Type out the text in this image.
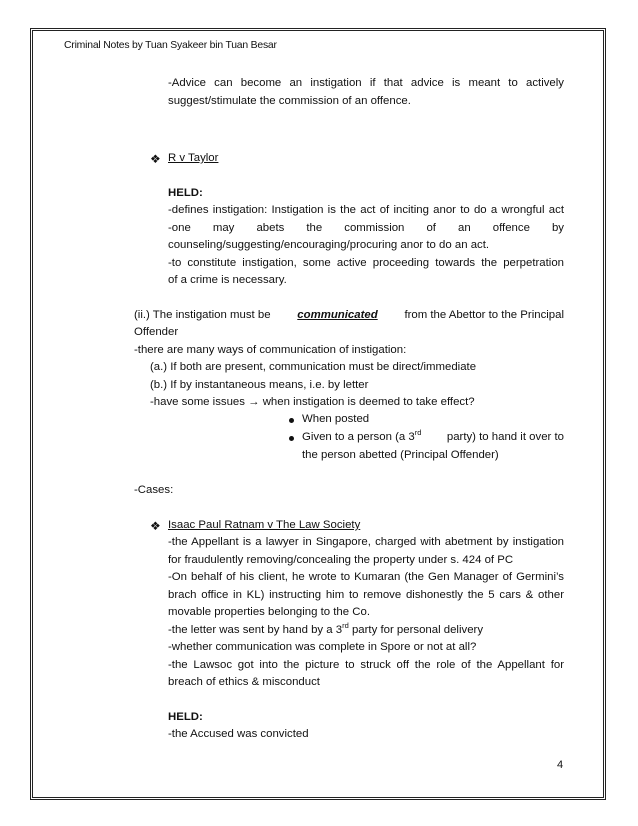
Criminal Notes by Tuan Syakeer bin Tuan Besar
-Advice can become an instigation if that advice is meant to actively
suggest/stimulate the commission of an offence.
❖ R v Taylor
HELD:
-defines instigation: Instigation is the act of inciting anor to do a wrongful act
-one may abets the commission of an offence by
counseling/suggesting/encouraging/procuring anor to do an act.
-to constitute instigation, some active proceeding towards the perpetration
of a crime is necessary.
(ii.) The instigation must be communicated from the Abettor to the Principal
Offender
-there are many ways of communication of instigation:
(a.) If both are present, communication must be direct/immediate
(b.) If by instantaneous means, i.e. by letter
-have some issues → when instigation is deemed to take effect?
When posted
Given to a person (a 3rd party) to hand it over to
the person abetted (Principal Offender)
-Cases:
❖ Isaac Paul Ratnam v The Law Society
-the Appellant is a lawyer in Singapore, charged with abetment by instigation
for fraudulently removing/concealing the property under s. 424 of PC
-On behalf of his client, he wrote to Kumaran (the Gen Manager of Germini’s
brach office in KL) instructing him to remove dishonestly the 5 cars & other
movable properties belonging to the Co.
-the letter was sent by hand by a 3rd party for personal delivery
-whether communication was complete in Spore or not at all?
-the Lawsoc got into the picture to struck off the role of the Appellant for
breach of ethics & misconduct
HELD:
-the Accused was convicted
4
